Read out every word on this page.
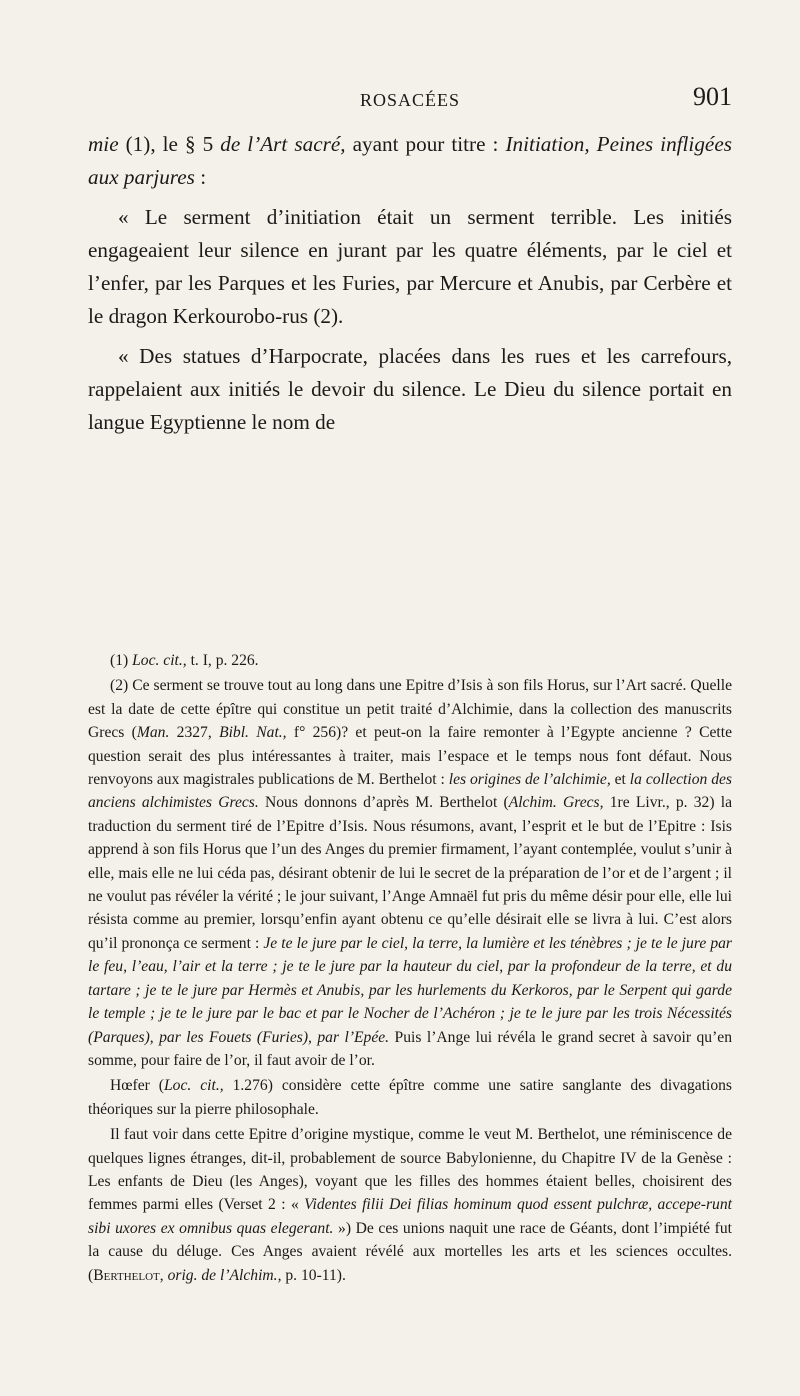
ROSACÉES	901

mie (1), le § 5 de l’Art sacré, ayant pour titre : Initiation, Peines infligées aux parjures :

« Le serment d’initiation était un serment terrible. Les initiés engageaient leur silence en jurant par les quatre éléments, par le ciel et l’enfer, par les Parques et les Furies, par Mercure et Anubis, par Cerbère et le dragon Kerkourobo-rus (2).

« Des statues d’Harpocrate, placées dans les rues et les carrefours, rappelaient aux initiés le devoir du silence. Le Dieu du silence portait en langue Egyptienne le nom de

(1) Loc. cit., t. I, p. 226.

(2) Ce serment se trouve tout au long dans une Epitre d’Isis à son fils Horus, sur l’Art sacré. Quelle est la date de cette épître qui constitue un petit traité d’Alchimie, dans la collection des manuscrits Grecs (Man. 2327, Bibl. Nat., f° 256)? et peut-on la faire remonter à l’Egypte ancienne ? Cette question serait des plus intéressantes à traiter, mais l’espace et le temps nous font défaut. Nous renvoyons aux magistrales publications de M. Berthelot : les origines de l’alchimie, et la collection des anciens alchimistes Grecs. Nous donnons d’après M. Berthelot (Alchim. Grecs, 1re Livr., p. 32) la traduction du serment tiré de l’Epitre d’Isis. Nous résumons, avant, l’esprit et le but de l’Epitre : Isis apprend à son fils Horus que l’un des Anges du premier firmament, l’ayant contemplée, voulut s’unir à elle, mais elle ne lui céda pas, désirant obtenir de lui le secret de la préparation de l’or et de l’argent ; il ne voulut pas révéler la vérité ; le jour suivant, l’Ange Amnaël fut pris du même désir pour elle, elle lui résista comme au premier, lorsqu’enfin ayant obtenu ce qu’elle désirait elle se livra à lui. C’est alors qu’il prononça ce serment : Je te le jure par le ciel, la terre, la lumière et les ténèbres ; je te le jure par le feu, l’eau, l’air et la terre ; je te le jure par la hauteur du ciel, par la profondeur de la terre, et du tartare ; je te le jure par Hermès et Anubis, par les hurlements du Kerkoros, par le Serpent qui garde le temple ; je te le jure par le bac et par le Nocher de l’Achéron ; je te le jure par les trois Nécessités (Parques), par les Fouets (Furies), par l’Epée. Puis l’Ange lui révéla le grand secret à savoir qu’en somme, pour faire de l’or, il faut avoir de l’or.

Hœfer (Loc. cit., 1.276) considère cette épître comme une satire sanglante des divagations théoriques sur la pierre philosophale.

Il faut voir dans cette Epitre d’origine mystique, comme le veut M. Berthelot, une réminiscence de quelques lignes étranges, dit-il, probablement de source Babylonienne, du Chapitre IV de la Genèse : Les enfants de Dieu (les Anges), voyant que les filles des hommes étaient belles, choisirent des femmes parmi elles (Verset 2 : « Videntes filii Dei filias hominum quod essent pulchræ, accepe-runt sibi uxores ex omnibus quas elegerant. ») De ces unions naquit une race de Géants, dont l’impiété fut la cause du déluge. Ces Anges avaient révélé aux mortelles les arts et les sciences occultes. (Berthelot, orig. de l’Alchim., p. 10-11).
